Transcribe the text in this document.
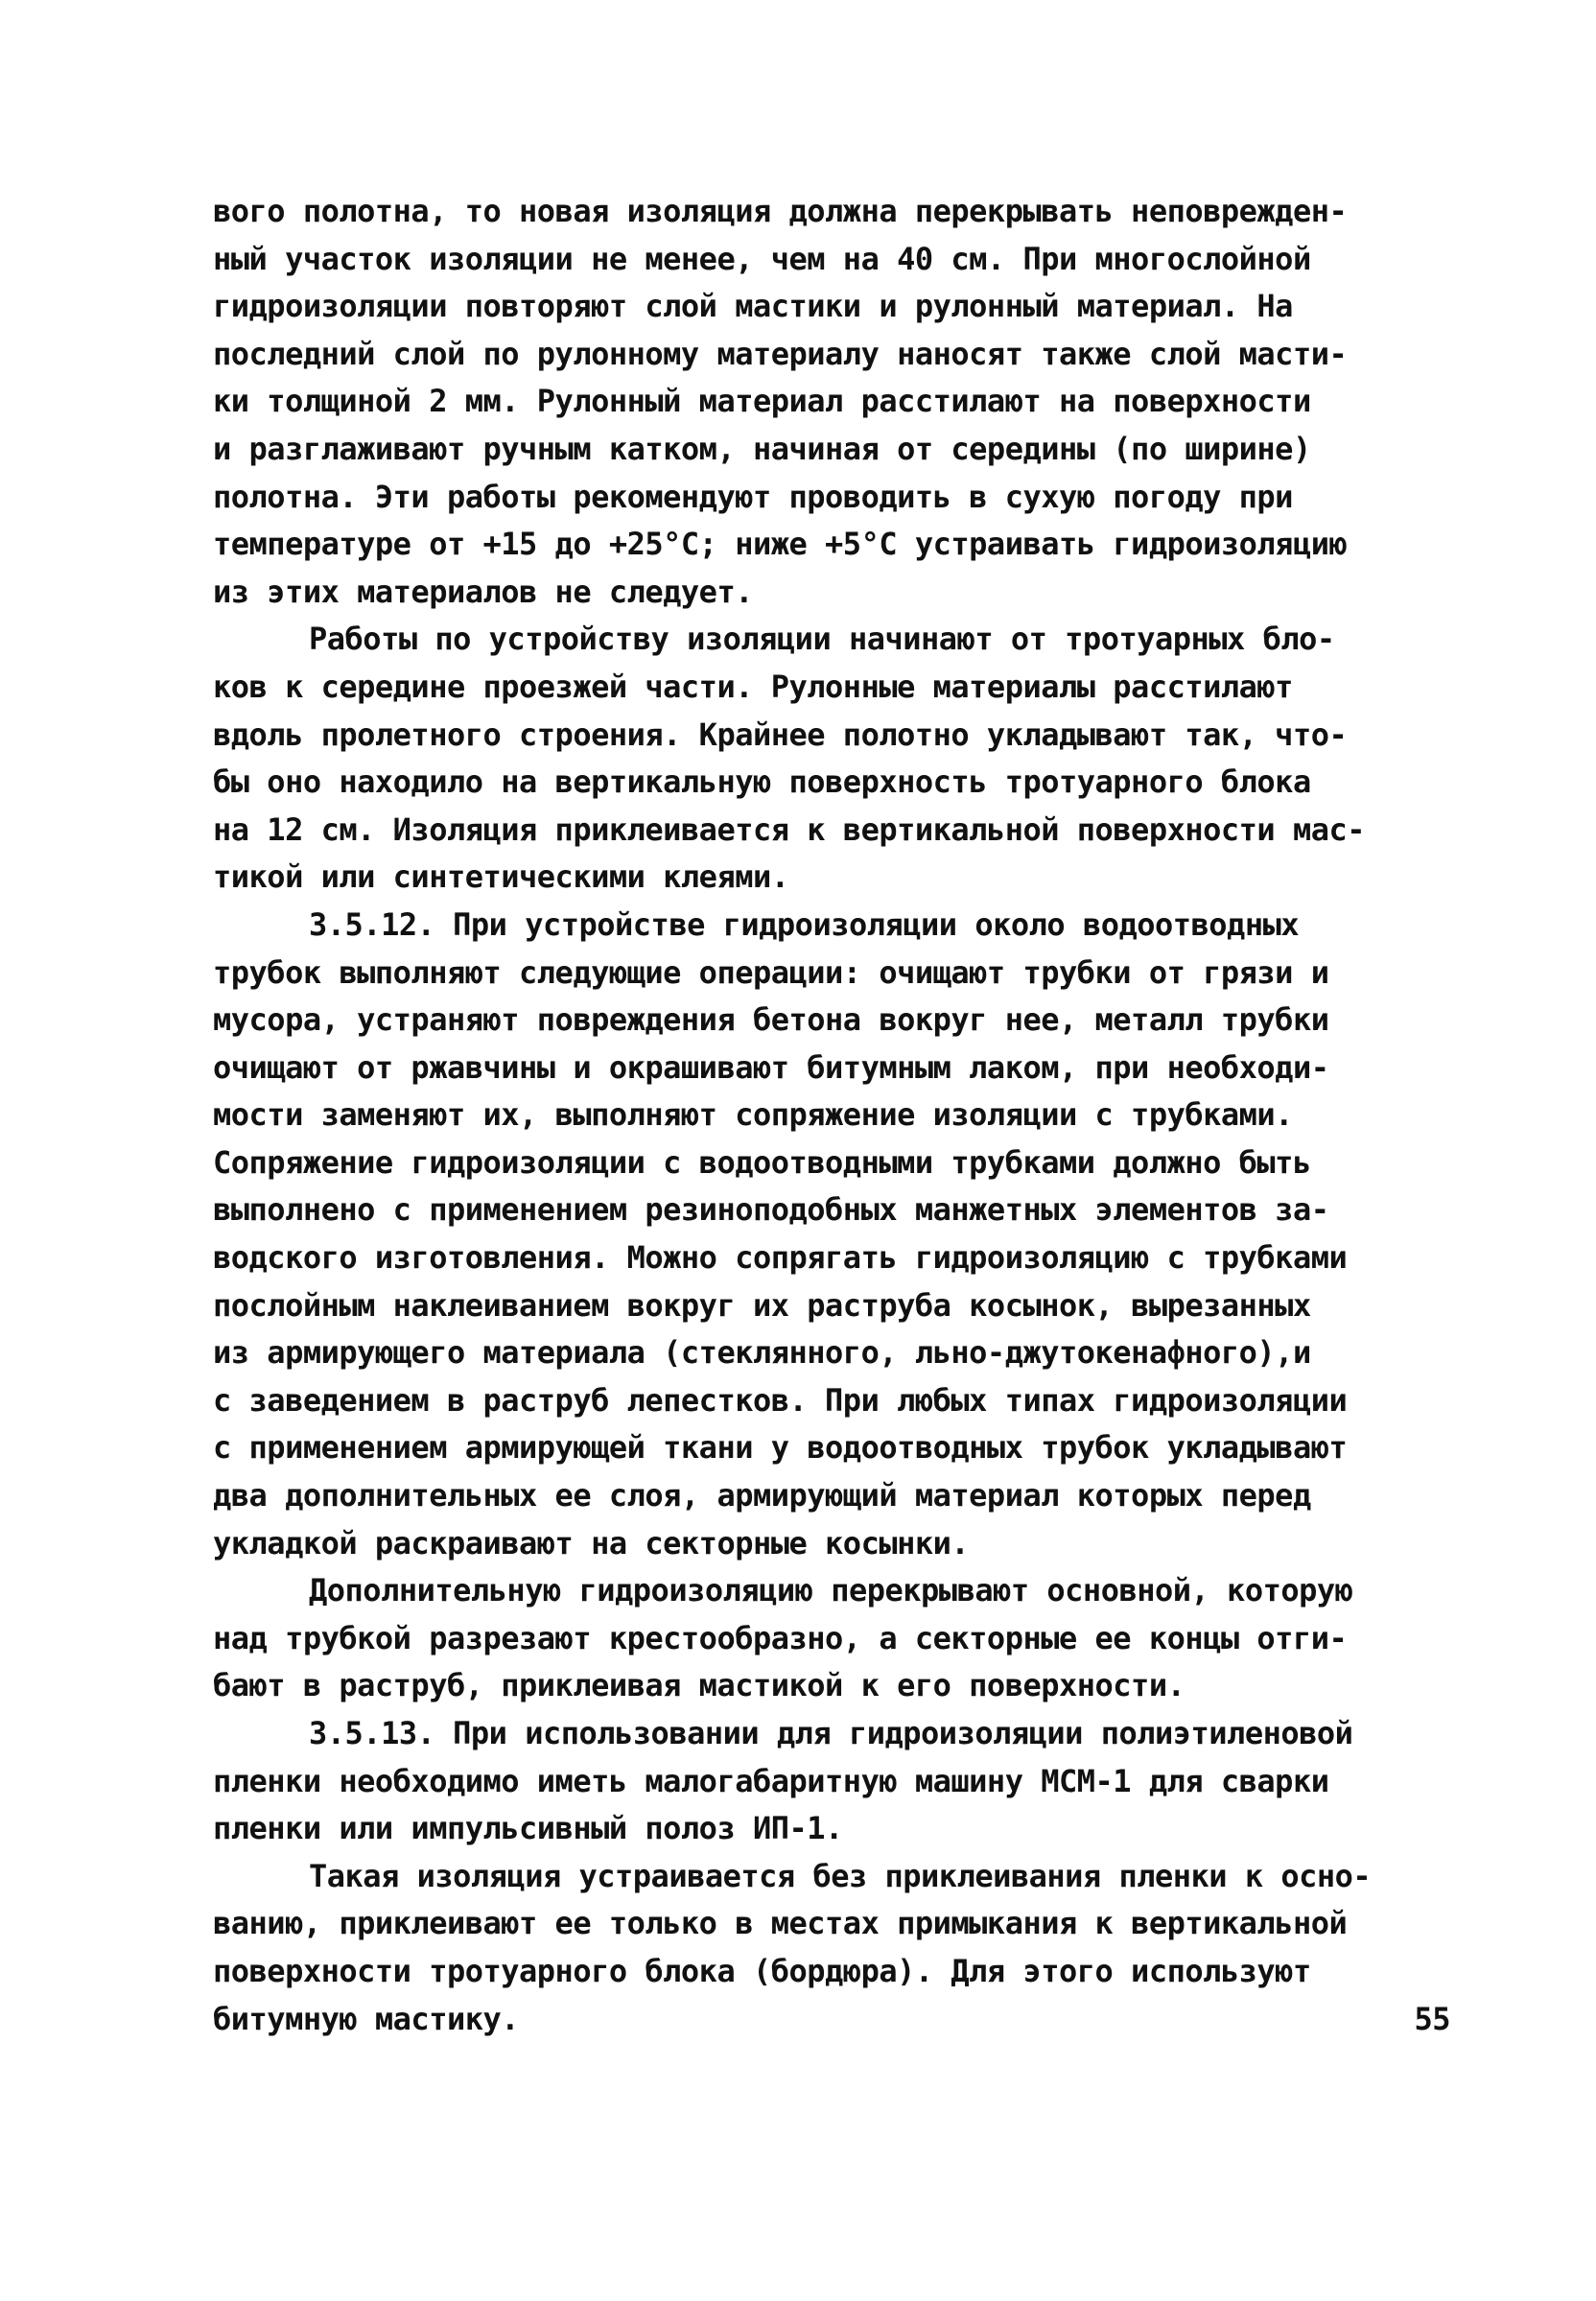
вого полотна, то новая изоляция должна перекрывать неповрежден-
ный участок изоляции не менее, чем на 40 см. При многослойной
гидроизоляции повторяют слой мастики и рулонный материал. На
последний слой по рулонному материалу наносят также слой масти-
ки толщиной 2 мм. Рулонный материал расстилают на поверхности
и разглаживают ручным катком, начиная от середины (по ширине)
полотна. Эти работы рекомендуют проводить в сухую погоду при
температуре от +15 до +25°С; ниже +5°С устраивать гидроизоляцию
из этих материалов не следует.
Работы по устройству изоляции начинают от тротуарных бло-
ков к середине проезжей части. Рулонные материалы расстилают
вдоль пролетного строения. Крайнее полотно укладывают так, что-
бы оно находило на вертикальную поверхность тротуарного блока
на 12 см. Изоляция приклеивается к вертикальной поверхности мас-
тикой или синтетическими клеями.
3.5.12. При устройстве гидроизоляции около водоотводных
трубок выполняют следующие операции: очищают трубки от грязи и
мусора, устраняют повреждения бетона вокруг нее, металл трубки
очищают от ржавчины и окрашивают битумным лаком, при необходи-
мости заменяют их, выполняют сопряжение изоляции с трубками.
Сопряжение гидроизоляции с водоотводными трубками должно быть
выполнено с применением резиноподобных манжетных элементов за-
водского изготовления. Можно сопрягать гидроизоляцию с трубками
послойным наклеиванием вокруг их раструба косынок, вырезанных
из армирующего материала (стеклянного, льно-джутокенафного),и
с заведением в раструб лепестков. При любых типах гидроизоляции
с применением армирующей ткани у водоотводных трубок укладывают
два дополнительных ее слоя, армирующий материал которых перед
укладкой раскраивают на секторные косынки.
Дополнительную гидроизоляцию перекрывают основной, которую
над трубкой разрезают крестообразно, а секторные ее концы отги-
бают в раструб, приклеивая мастикой к его поверхности.
3.5.13. При использовании для гидроизоляции полиэтиленовой
пленки необходимо иметь малогабаритную машину МСМ-1 для сварки
пленки или импульсивный полоз ИП-1.
Такая изоляция устраивается без приклеивания пленки к осно-
ванию, приклеивают ее только в местах примыкания к вертикальной
поверхности тротуарного блока (бордюра). Для этого используют
битумную мастику.	55
